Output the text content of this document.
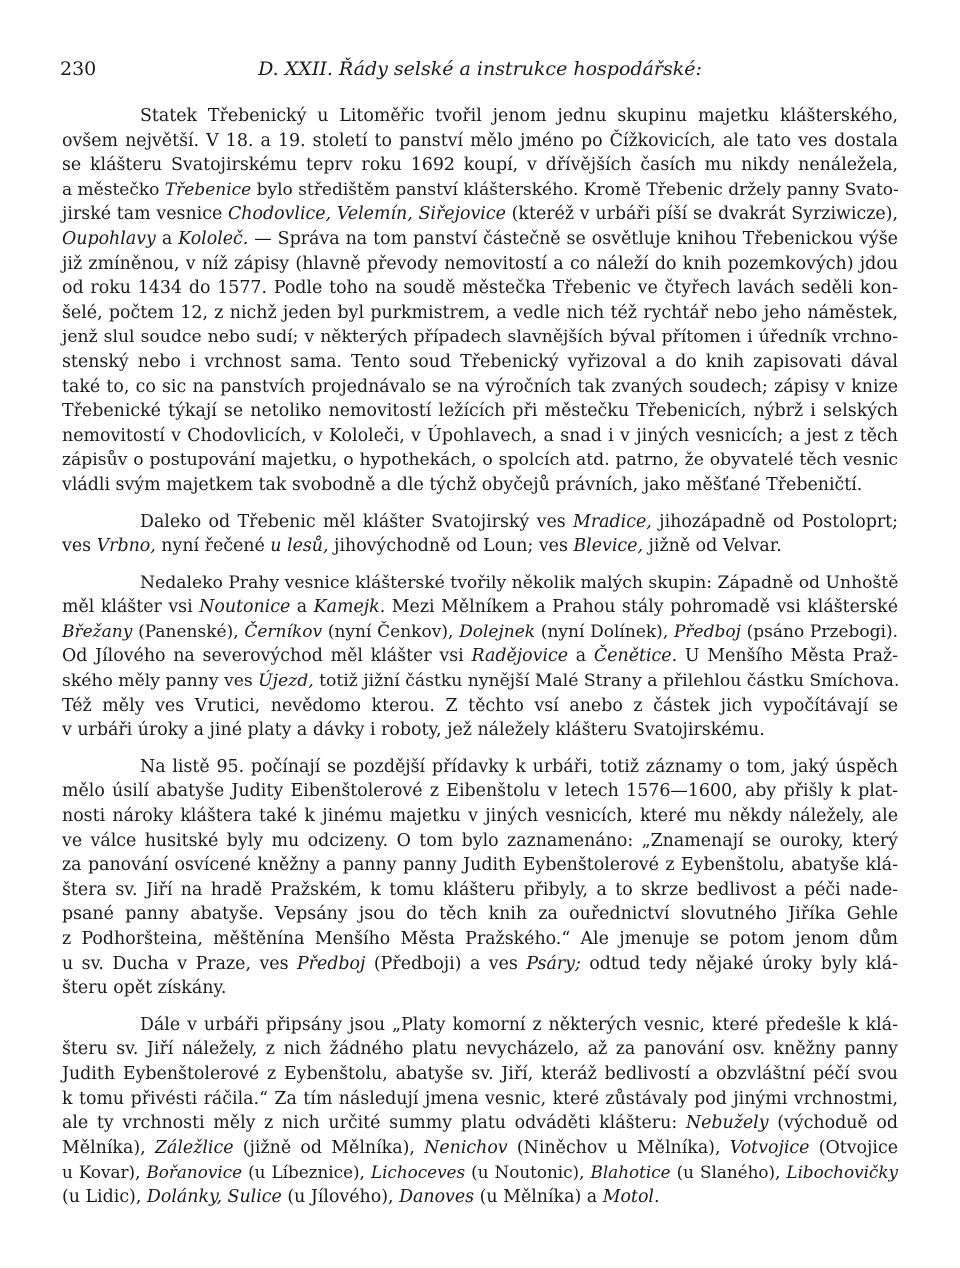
230	D. XXII. Řády selské a instrukce hospodářské:

Statek Třebenický u Litoměřic tvořil jenom jednu skupinu majetku klášterského,
ovšem největší. V 18. a 19. století to panství mělo jméno po Čížkovicích, ale tato ves dostala
se klášteru Svatojirskému teprv roku 1692 koupí, v dřívějších časích mu nikdy nenáležela,
a městečko Třebenice bylo středištěm panství klášterského. Kromě Třebenic držely panny Svato-
jirské tam vesnice Chodovlice, Velemín, Siřejovice (kteréž v urbáři píší se dvakrát Syrziwicze),
Oupohlavy a Kololeč. — Správa na tom panství částečně se osvětluje knihou Třebenickou výše
již zmíněnou, v níž zápisy (hlavně převody nemovitostí a co náleží do knih pozemkových) jdou
od roku 1434 do 1577. Podle toho na soudě městečka Třebenic ve čtyřech lavách seděli kon-
šelé, počtem 12, z nichž jeden byl purkmistrem, a vedle nich též rychtář nebo jeho náměstek,
jenž slul soudce nebo sudí; v některých případech slavnějších býval přítomen i úředník vrchno-
stenský nebo i vrchnost sama. Tento soud Třebenický vyřizoval a do knih zapisovati dával
také to, co sic na panstvích projednávalo se na výročních tak zvaných soudech; zápisy v knize
Třebenické týkají se netoliko nemovitostí ležících při městečku Třebenicích, nýbrž i selských
nemovitostí v Chodovlicích, v Kololeči, v Úpohlavech, a snad i v jiných vesnicích; a jest z těch
zápisův o postupování majetku, o hypothekách, o spolcích atd. patrno, že obyvatelé těch vesnic
vládli svým majetkem tak svobodně a dle týchž obyčejů právních, jako měšťané Třebeničtí.

Daleko od Třebenic měl klášter Svatojirský ves Mradice, jihozápadně od Postoloprt;
ves Vrbno, nyní řečené u lesů, jihovýchodně od Loun; ves Blevice, jižně od Velvar.

Nedaleko Prahy vesnice klášterské tvořily několik malých skupin: Západně od Unhoště
měl klášter vsi Noutonice a Kamejk. Mezi Mělníkem a Prahou stály pohromadě vsi klášterské
Břežany (Panenské), Černíkov (nyní Čenkov), Dolejnek (nyní Dolínek), Předboj (psáno Przebogi).
Od Jílového na severovýchod měl klášter vsi Radějovice a Čenětice. U Menšího Města Praž-
ského měly panny ves Újezd, totiž jižní částku nynější Malé Strany a přilehlou částku Smíchova.
Též měly ves Vrutici, nevědomo kterou. Z těchto vsí anebo z částek jich vypočítávají se
v urbáři úroky a jiné platy a dávky i roboty, jež náležely klášteru Svatojirskému.

Na listě 95. počínají se pozdější přídavky k urbáři, totiž záznamy o tom, jaký úspěch
mělo úsilí abatyše Judity Eibenštolerové z Eibenštolu v letech 1576—1600, aby přišly k plat-
nosti nároky kláštera také k jinému majetku v jiných vesnicích, které mu někdy náležely, ale
ve válce husitské byly mu odcizeny. O tom bylo zaznamenáno: „Znamenají se ouroky, který
za panování osvícené kněžny a panny panny Judith Eybenštolerové z Eybenštolu, abatyše klá-
štera sv. Jiří na hradě Pražském, k tomu klášteru přibyly, a to skrze bedlivost a péči nade-
psané panny abatyše. Vepsány jsou do těch knih za ouřednictví slovutného Jiříka Gehle
z Podhoršteina, měštěnína Menšího Města Pražského.“ Ale jmenuje se potom jenom dům
u sv. Ducha v Praze, ves Předboj (Předboji) a ves Psáry; odtud tedy nějaké úroky byly klá-
šteru opět získány.

Dále v urbáři připsány jsou „Platy komorní z některých vesnic, které předešle k klá-
šteru sv. Jiří náležely, z nich žádného platu nevycházelo, až za panování osv. kněžny panny
Judith Eybenštolerové z Eybenštolu, abatyše sv. Jiří, kteráž bedlivostí a obzvláštní péčí svou
k tomu přivésti ráčila.“ Za tím následují jmena vesnic, které zůstávaly pod jinými vrchnostmi,
ale ty vrchnosti měly z nich určité summy platu odváděti klášteru: Nebužely (východuě od
Mělníka), Záležlice (jižně od Mělníka), Nenichov (Niněchov u Mělníka), Votvojice (Otvojice
u Kovar), Bořanovice (u Líbeznice), Lichoceves (u Noutonic), Blahotice (u Slaného), Libochovičky
(u Lidic), Dolánky, Sulice (u Jílového), Danoves (u Mělníka) a Motol.
